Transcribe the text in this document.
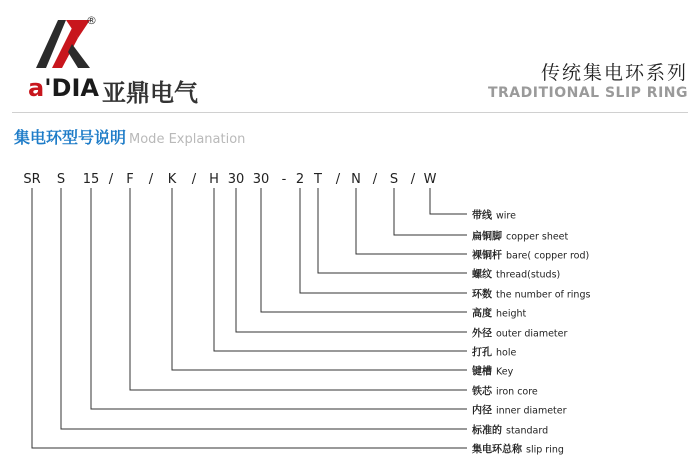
®
a'DIA 亚鼎电气
传统集电环系列
TRADITIONAL SLIP RING
集电环型号说明 Mode Explanation
SR S 15 / F / K / H 30 30 - 2 T / N / S / W
带线 wire
扁铜脚 copper sheet
裸铜杆 bare( copper rod)
螺纹 thread(studs)
环数 the number of rings
高度 height
外径 outer diameter
打孔 hole
键槽 Key
铁芯 iron core
内径 inner diameter
标准的 standard
集电环总称 slip ring
